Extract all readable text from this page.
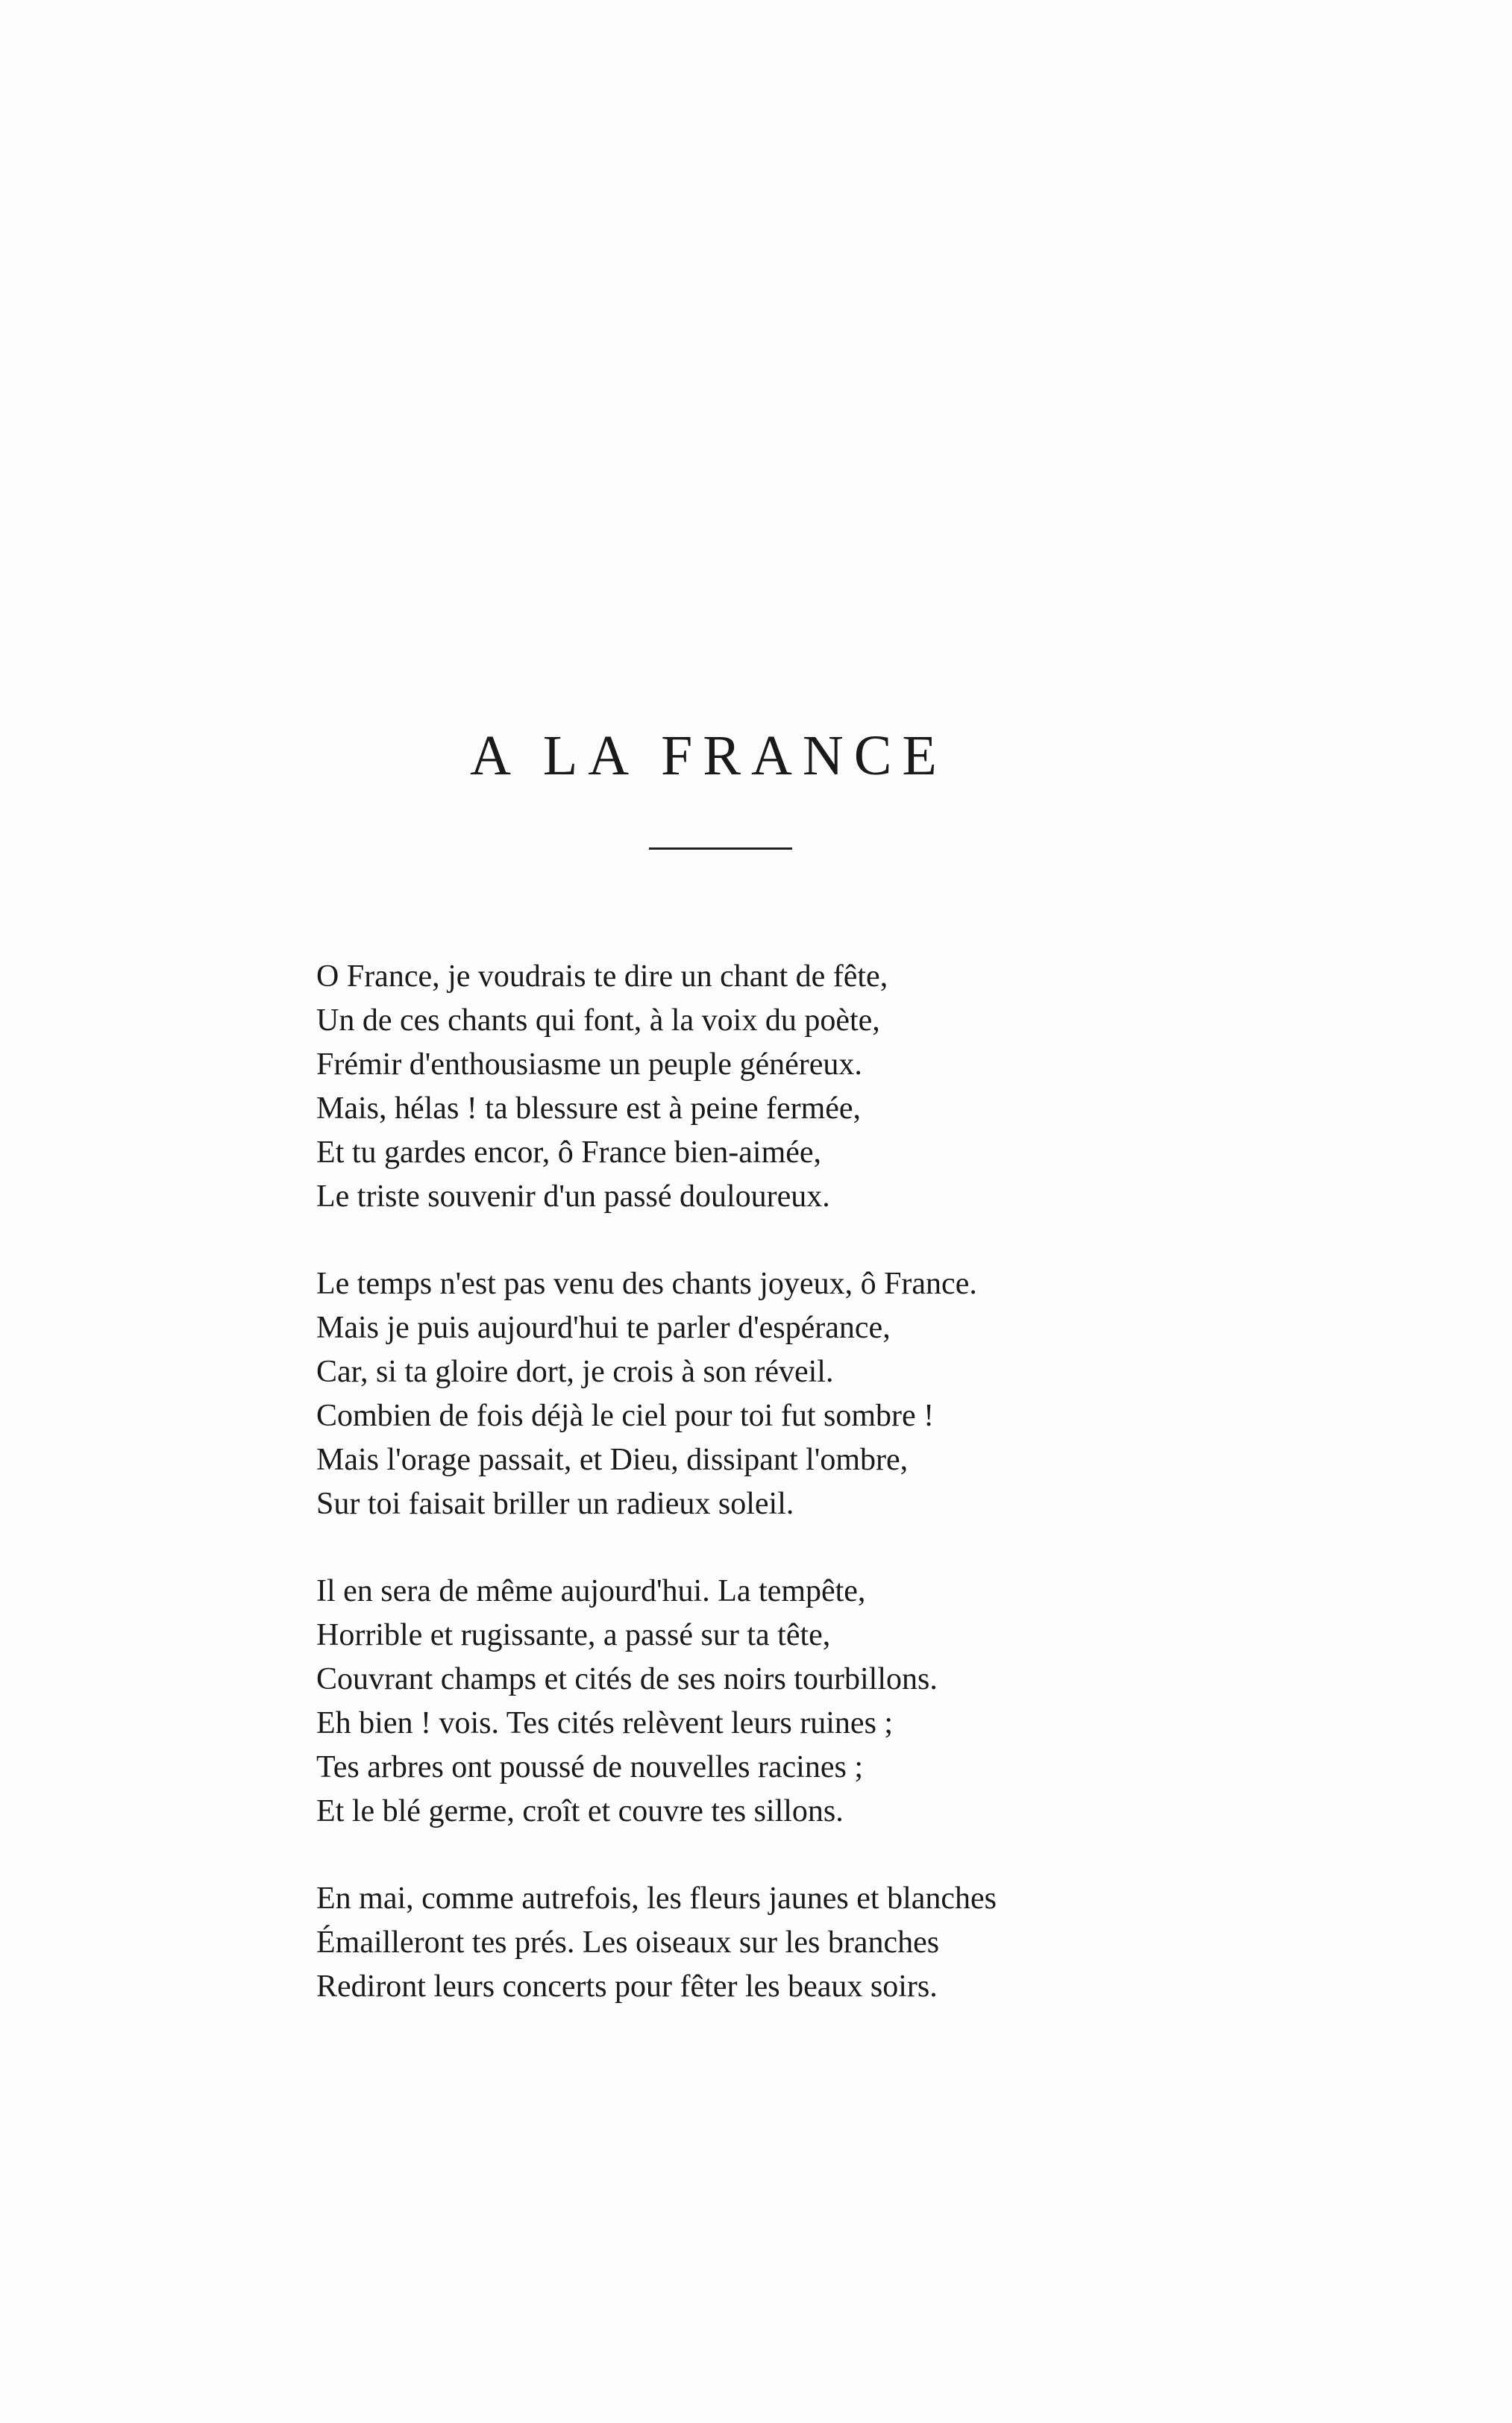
A LA FRANCE
O France, je voudrais te dire un chant de fête,
Un de ces chants qui font, à la voix du poète,
Frémir d'enthousiasme un peuple généreux.
Mais, hélas ! ta blessure est à peine fermée,
Et tu gardes encor, ô France bien-aimée,
Le triste souvenir d'un passé douloureux.
Le temps n'est pas venu des chants joyeux, ô France.
Mais je puis aujourd'hui te parler d'espérance,
Car, si ta gloire dort, je crois à son réveil.
Combien de fois déjà le ciel pour toi fut sombre !
Mais l'orage passait, et Dieu, dissipant l'ombre,
Sur toi faisait briller un radieux soleil.
Il en sera de même aujourd'hui. La tempête,
Horrible et rugissante, a passé sur ta tête,
Couvrant champs et cités de ses noirs tourbillons.
Eh bien ! vois. Tes cités relèvent leurs ruines ;
Tes arbres ont poussé de nouvelles racines ;
Et le blé germe, croît et couvre tes sillons.
En mai, comme autrefois, les fleurs jaunes et blanches
Émailleront tes prés. Les oiseaux sur les branches
Rediront leurs concerts pour fêter les beaux soirs.
